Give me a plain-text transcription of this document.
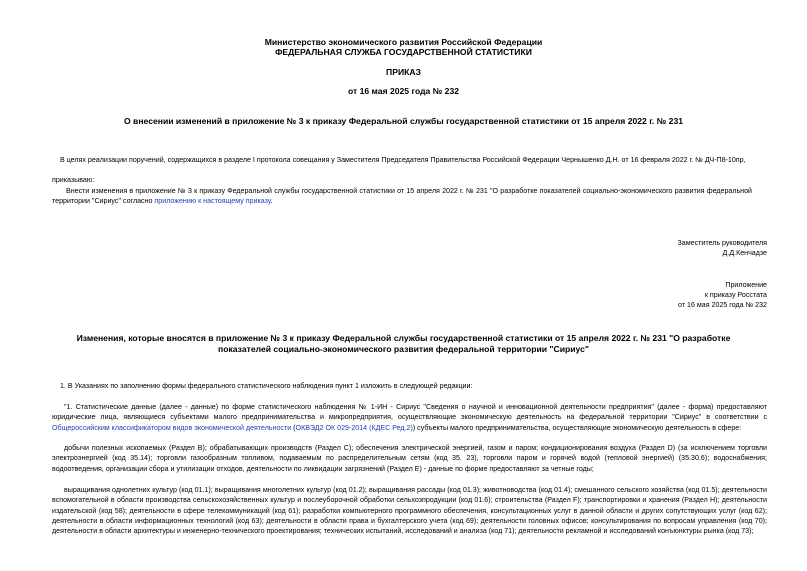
Министерство экономического развития Российской Федерации
ФЕДЕРАЛЬНАЯ СЛУЖБА ГОСУДАРСТВЕННОЙ СТАТИСТИКИ
ПРИКАЗ
от 16 мая 2025 года № 232
О внесении изменений в приложение № 3 к приказу Федеральной службы государственной статистики от 15 апреля 2022 г. № 231
В целях реализации поручений, содержащихся в разделе I протокола совещания у Заместителя Председателя Правительства Российской Федерации Чернышенко Д.Н. от 16 февраля 2022 г. № ДЧ-П8-10пр,
приказываю:
Внести изменения в приложение № 3 к приказу Федеральной службы государственной статистики от 15 апреля 2022 г. № 231 "О разработке показателей социально-экономического развития федеральной территории "Сириус" согласно приложению к настоящему приказу.
Заместитель руководителя
Д.Д.Кенчадзе
Приложение
к приказу Росстата
от 16 мая 2025 года № 232
Изменения, которые вносятся в приложение № 3 к приказу Федеральной службы государственной статистики от 15 апреля 2022 г. № 231 "О разработке показателей социально-экономического развития федеральной территории "Сириус"
1. В Указаниях по заполнению формы федерального статистического наблюдения пункт 1 изложить в следующей редакции:
"1. Статистические данные (далее - данные) по форме статистического наблюдения № 1-ИН - Сириус "Сведения о научной и инновационной деятельности предприятия" (далее - форма) предоставляют юридические лица, являющиеся субъектами малого предпринимательства и микропредприятия, осуществляющие экономическую деятельность на федеральной территории "Сириус" в соответствии с Общероссийским классификатором видов экономической деятельности (ОКВЭД2 ОК 029-2014 (КДЕС Ред.2)) субъекты малого предпринимательства, осуществляющие экономическую деятельность в сфере:
добычи полезных ископаемых (Раздел B); обрабатывающих производств (Раздел C); обеспечения электрической энергией, газом и паром; кондиционирования воздуха (Раздел D) (за исключением торговли электроэнергией (код 35.14); торговли газообразным топливом, подаваемым по распределительным сетям (код 35. 23), торговли паром и горячей водой (тепловой энергией) (35.30.6); водоснабжения; водоотведения, организации сбора и утилизации отходов, деятельности по ликвидации загрязнений (Раздел E) - данные по форме предоставляют за четные годы;
выращивания однолетних культур (код 01.1); выращивания многолетних культур (код 01.2); выращивания рассады (код 01.3); животноводства (код 01.4); смешанного сельского хозяйства (код 01.5); деятельности вспомогательной в области производства сельскохозяйственных культур и послеуборочной обработки сельхозпродукции (код 01.6); строительства (Раздел F); транспортировки и хранения (Раздел H); деятельности издательской (код 58); деятельности в сфере телекоммуникаций (код 61); разработки компьютерного программного обеспечения, консультационных услуг в данной области и других сопутствующих услуг (код 62); деятельности в области информационных технологий (код 63); деятельности в области права и бухгалтерского учета (код 69); деятельности головных офисов; консультирования по вопросам управления (код 70); деятельности в области архитектуры и инженерно-технического проектирования; технических испытаний, исследований и анализа (код 71); деятельности рекламной и исследований конъюнктуры рынка (код 73);
